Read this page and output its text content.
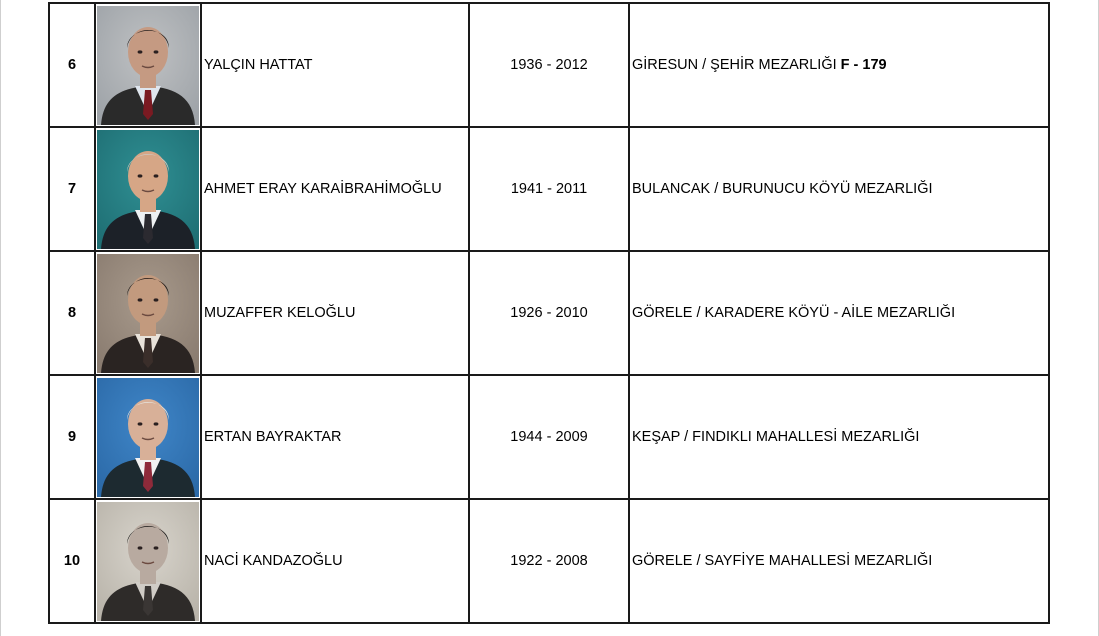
6		YALÇIN HATTAT	1936 - 2012	GİRESUN / ŞEHİR MEZARLIĞI F - 179
7		AHMET ERAY KARAİBRAHİMOĞLU	1941 - 2011	BULANCAK / BURUNUCU KÖYÜ MEZARLIĞI
8		MUZAFFER KELOĞLU	1926 - 2010	GÖRELE / KARADERE KÖYÜ - AİLE MEZARLIĞI
9		ERTAN BAYRAKTAR	1944 - 2009	KEŞAP / FINDIKLI MAHALLESİ MEZARLIĞI
10		NACİ KANDAZOĞLU	1922 - 2008	GÖRELE / SAYFİYE MAHALLESİ MEZARLIĞI
